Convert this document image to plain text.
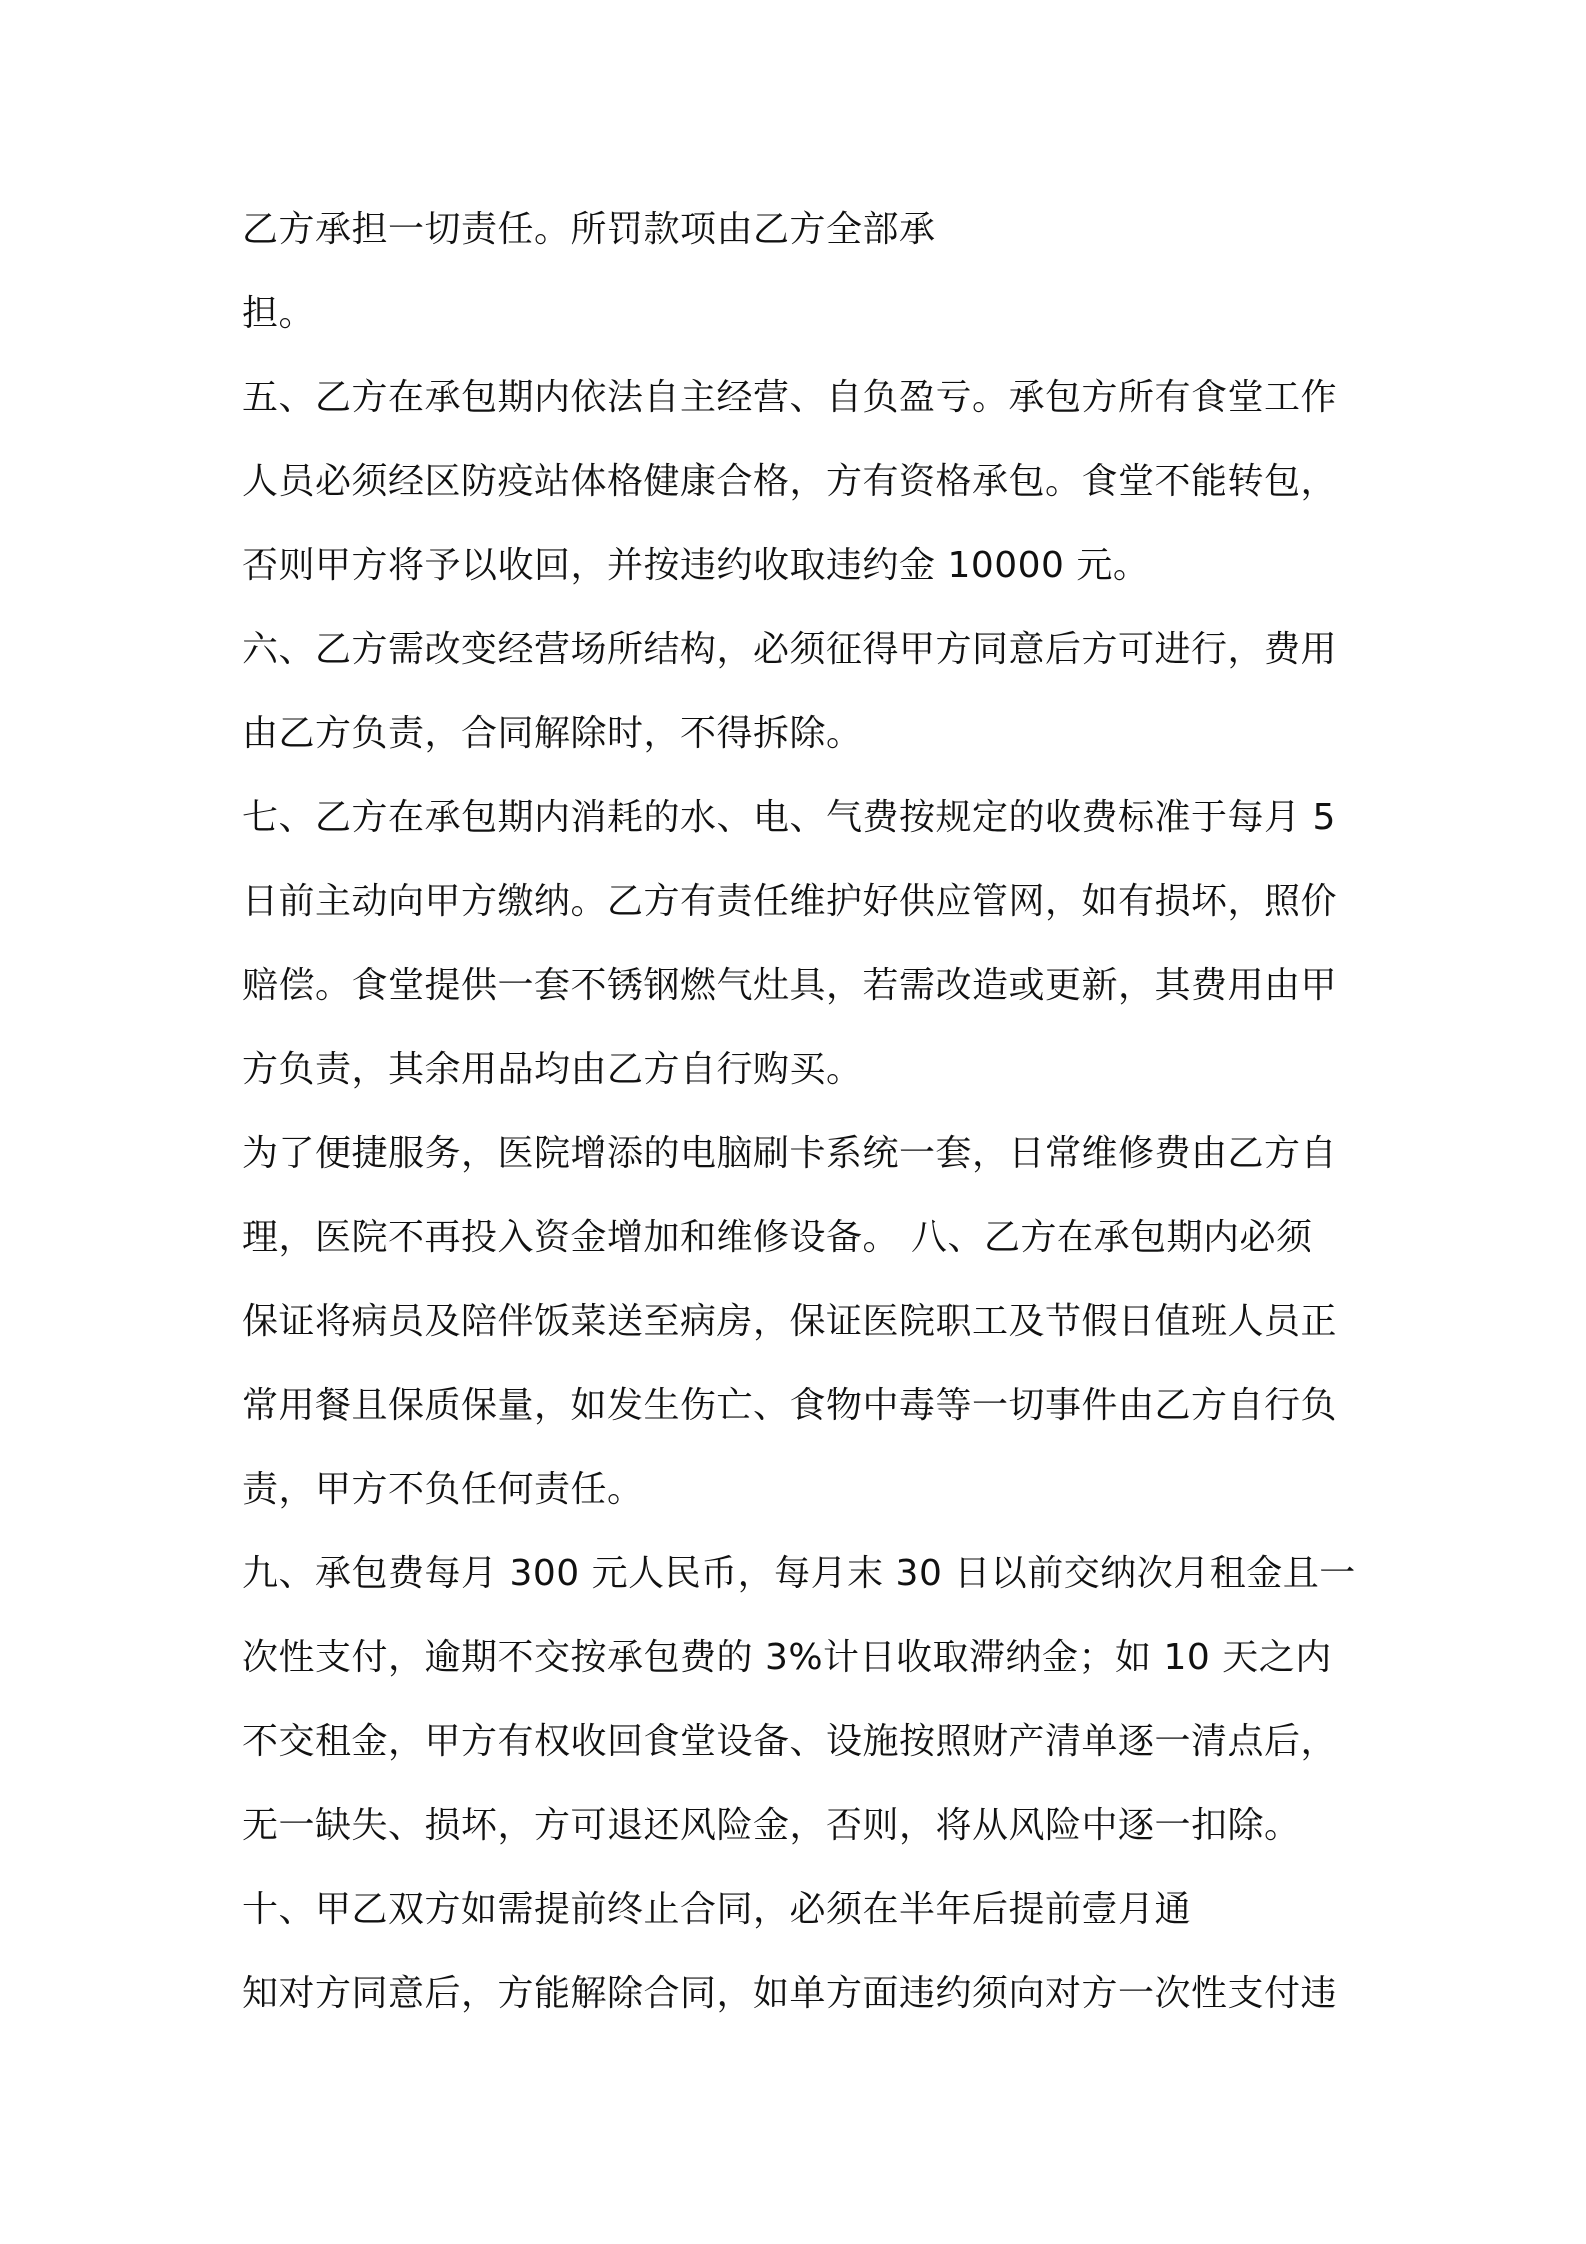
乙方承担一切责任。所罚款项由乙方全部承
担。
五、乙方在承包期内依法自主经营、自负盈亏。承包方所有食堂工作
人员必须经区防疫站体格健康合格，方有资格承包。食堂不能转包，
否则甲方将予以收回，并按违约收取违约金 10000 元。
六、乙方需改变经营场所结构，必须征得甲方同意后方可进行，费用
由乙方负责，合同解除时，不得拆除。
七、乙方在承包期内消耗的水、电、气费按规定的收费标准于每月 5
日前主动向甲方缴纳。乙方有责任维护好供应管网，如有损坏，照价
赔偿。食堂提供一套不锈钢燃气灶具，若需改造或更新，其费用由甲
方负责，其余用品均由乙方自行购买。
为了便捷服务，医院增添的电脑刷卡系统一套，日常维修费由乙方自
理，医院不再投入资金增加和维修设备。 八、乙方在承包期内必须
保证将病员及陪伴饭菜送至病房，保证医院职工及节假日值班人员正
常用餐且保质保量，如发生伤亡、食物中毒等一切事件由乙方自行负
责，甲方不负任何责任。
九、承包费每月 300 元人民币，每月末 30 日以前交纳次月租金且一
次性支付，逾期不交按承包费的 3%计日收取滞纳金；如 10 天之内
不交租金，甲方有权收回食堂设备、设施按照财产清单逐一清点后，
无一缺失、损坏，方可退还风险金，否则，将从风险中逐一扣除。
十、甲乙双方如需提前终止合同，必须在半年后提前壹月通
知对方同意后，方能解除合同，如单方面违约须向对方一次性支付违
